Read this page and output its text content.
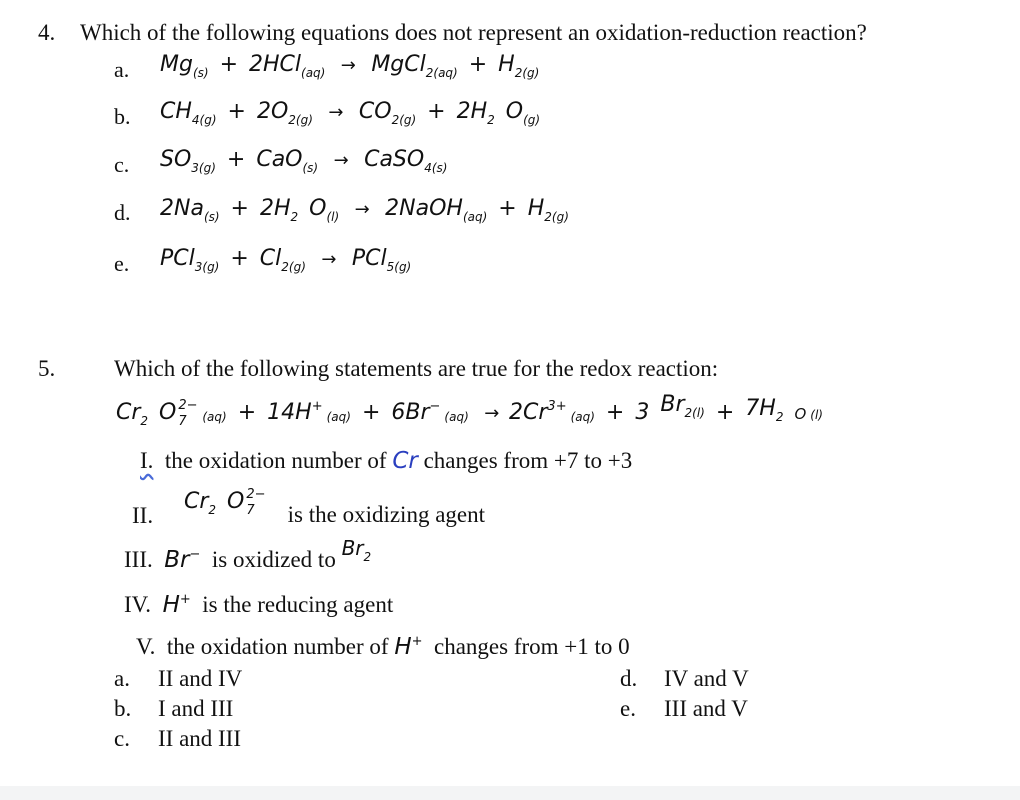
4. Which of the following equations does not represent an oxidation-reduction reaction?
a. $Mg_{(s)} + 2HCl_{(aq)}$   →   MgCl$_{2(aq)}$  +  $H_{2(g)}$
b. $CH_{4(g)} + 2O_{2(g)} \to CO_{2(g)} + 2H_2$ $O_{(g)}$
c. $SO_{3(g)} + CaO_{(s)}$   →   CaSO$_{4(s)}$
d. $2Na_{(s)} + 2H_2$ $O_{(l)}$   →   2NaOH$_{(aq)}$  +  $H_{2(g)}$
e. $PCl_{3(g)} + Cl_{2(g)} \to PCl_{5(g)}$
5.	Which of the following statements are true for the redox reaction:
$Cr_2$ O 2−
7 (aq) + 14H+ (aq)  +  6Br− $(aq) \to 2Cr^{3+}$ (aq)  +  3 Br2(l)  +  7H2 O (l)
I. the oxidation number of Cr changes from +7 to +3
II.
$Cr_2$ O 2−
7 is the oxidizing agent
III. Br− is oxidized to Br$^2$
IV. H+ is the reducing agent
V. the oxidation number of H+ changes from +1 to 0
a. II and IV
b. I and III
c. II and III
d. IV and V
e. III and V
